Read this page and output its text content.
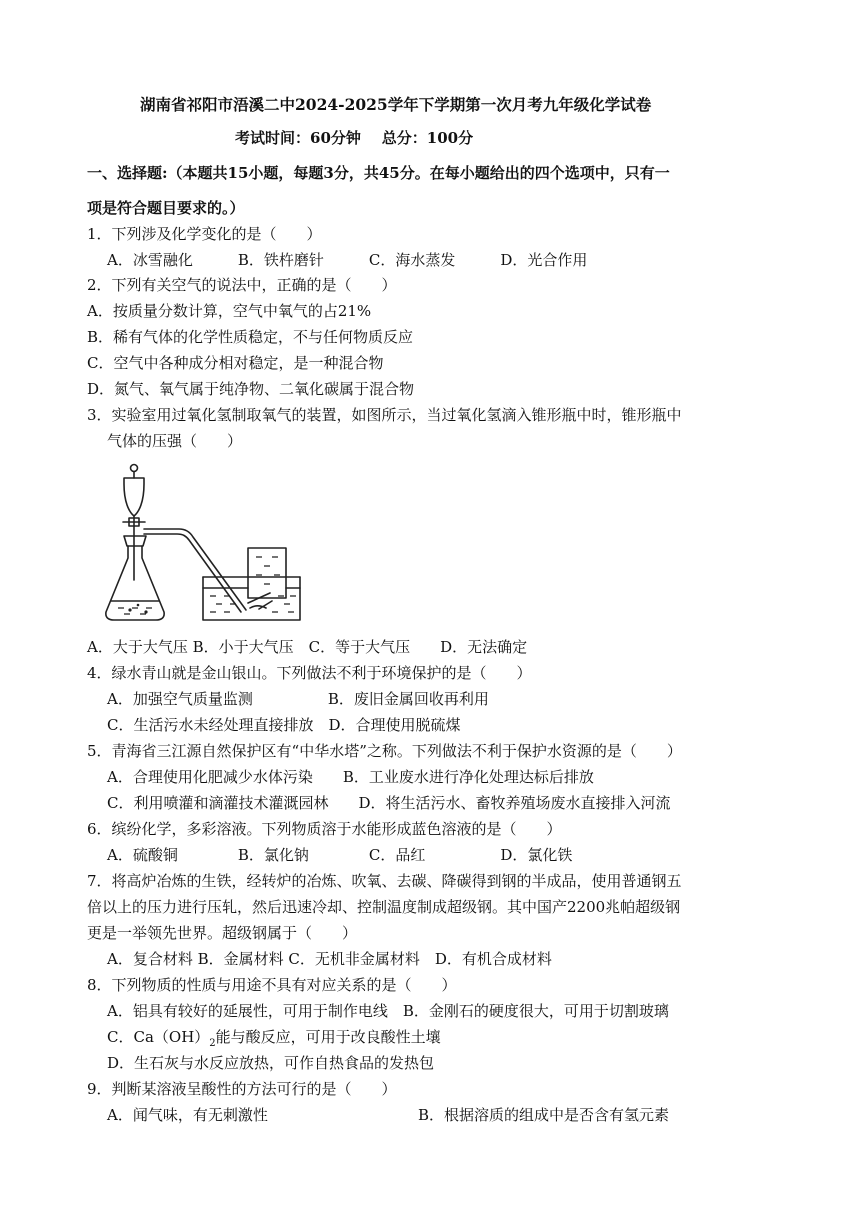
湖南省祁阳市浯溪二中2024-2025学年下学期第一次月考九年级化学试卷
考试时间：60分钟    总分：100分
一、选择题:（本题共15小题，每题3分，共45分。在每小题给出的四个选项中，只有一
项是符合题目要求的。）
1．下列涉及化学变化的是（　　）
A．冰雪融化　　　B．铁杵磨针　　　C．海水蒸发　　　D．光合作用
2．下列有关空气的说法中，正确的是（　　）
A．按质量分数计算，空气中氧气的占21%
B．稀有气体的化学性质稳定，不与任何物质反应
C．空气中各种成分相对稳定，是一种混合物
D．氮气、氧气属于纯净物、二氧化碳属于混合物
3．实验室用过氧化氢制取氧气的装置，如图所示，当过氧化氢滴入锥形瓶中时，锥形瓶中
气体的压强（　　）
A．大于大气压 B．小于大气压　C．等于大气压　　D．无法确定
4．绿水青山就是金山银山。下列做法不利于环境保护的是（　　）
A．加强空气质量监测　　　　　B．废旧金属回收再利用
C．生活污水未经处理直接排放　D．合理使用脱硫煤
5．青海省三江源自然保护区有“中华水塔”之称。下列做法不利于保护水资源的是（　　）
A．合理使用化肥减少水体污染　　B．工业废水进行净化处理达标后排放
C．利用喷灌和滴灌技术灌溉园林　　D．将生活污水、畜牧养殖场废水直接排入河流
6．缤纷化学，多彩溶液。下列物质溶于水能形成蓝色溶液的是（　　）
A．硫酸铜　　　　B．氯化钠　　　　C．品红　　　　　D．氯化铁
7．将高炉冶炼的生铁，经转炉的冶炼、吹氧、去碳、降碳得到钢的半成品，使用普通钢五
倍以上的压力进行压轧，然后迅速冷却、控制温度制成超级钢。其中国产2200兆帕超级钢
更是一举领先世界。超级钢属于（　　）
A．复合材料 B．金属材料 C．无机非金属材料　D．有机合成材料
8．下列物质的性质与用途不具有对应关系的是（　　）
A．铝具有较好的延展性，可用于制作电线　B．金刚石的硬度很大，可用于切割玻璃
C．$Ca(OH)_2$能与酸反应，可用于改良酸性土壤
D．生石灰与水反应放热，可作自热食品的发热包
9．判断某溶液呈酸性的方法可行的是（　　）
A．闻气味，有无刺激性	B．根据溶质的组成中是否含有氢元素
